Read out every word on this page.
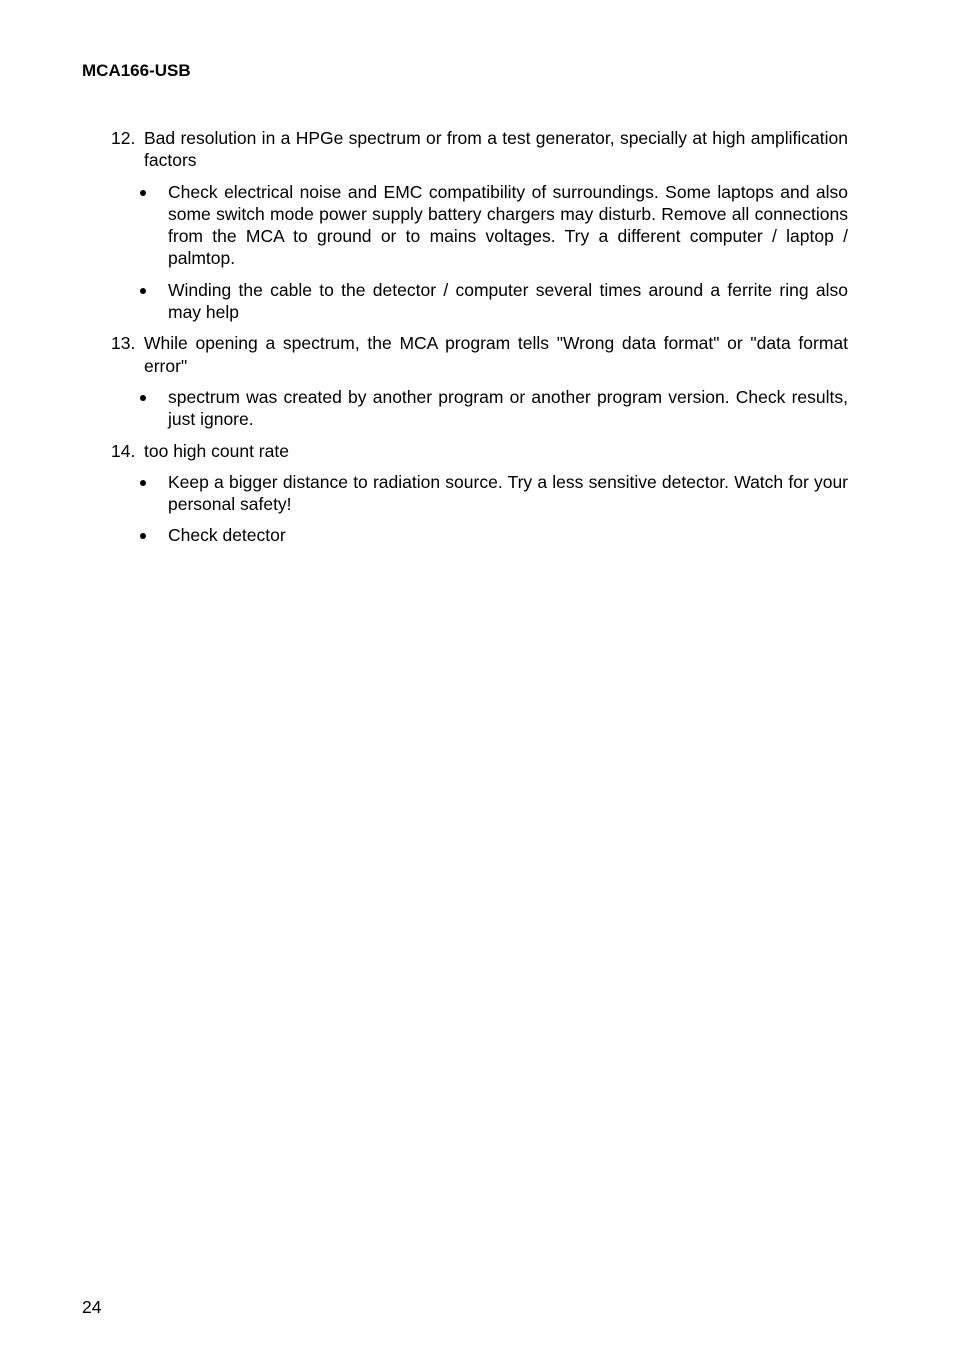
MCA166-USB
12. Bad resolution in a HPGe spectrum or from a test generator, specially at high amplification factors
Check electrical noise and EMC compatibility of surroundings. Some laptops and also some switch mode power supply battery chargers may disturb. Remove all connections from the MCA to ground or to mains voltages. Try a different computer / laptop / palmtop.
Winding the cable to the detector / computer several times around a ferrite ring also may help
13. While opening a spectrum, the MCA program tells "Wrong data format" or "data format error"
spectrum was created by another program or another program version. Check results, just ignore.
14. too high count rate
Keep a bigger distance to radiation source. Try a less sensitive detector. Watch for your personal safety!
Check detector
24
